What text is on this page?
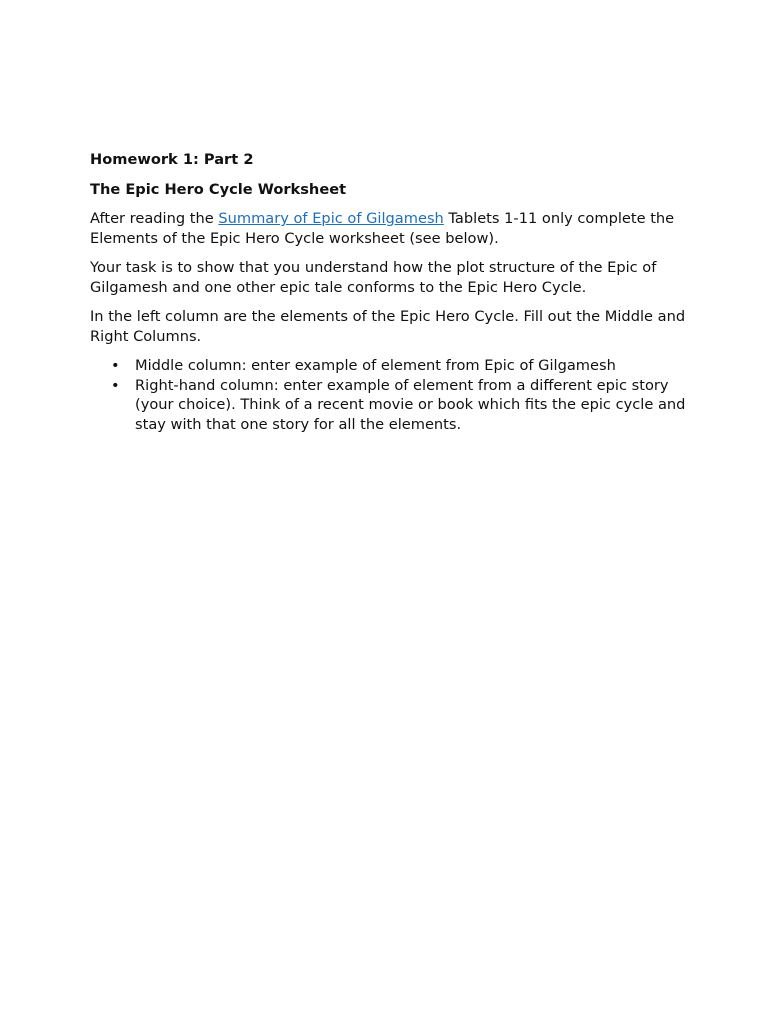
Homework 1: Part 2
The Epic Hero Cycle Worksheet

After reading the Summary of Epic of Gilgamesh Tablets 1-11 only complete the Elements of the Epic Hero Cycle worksheet (see below).

Your task is to show that you understand how the plot structure of the Epic of Gilgamesh and one other epic tale conforms to the Epic Hero Cycle.

In the left column are the elements of the Epic Hero Cycle. Fill out the Middle and Right Columns.

• Middle column: enter example of element from Epic of Gilgamesh
• Right-hand column: enter example of element from a different epic story (your choice). Think of a recent movie or book which fits the epic cycle and stay with that one story for all the elements.
